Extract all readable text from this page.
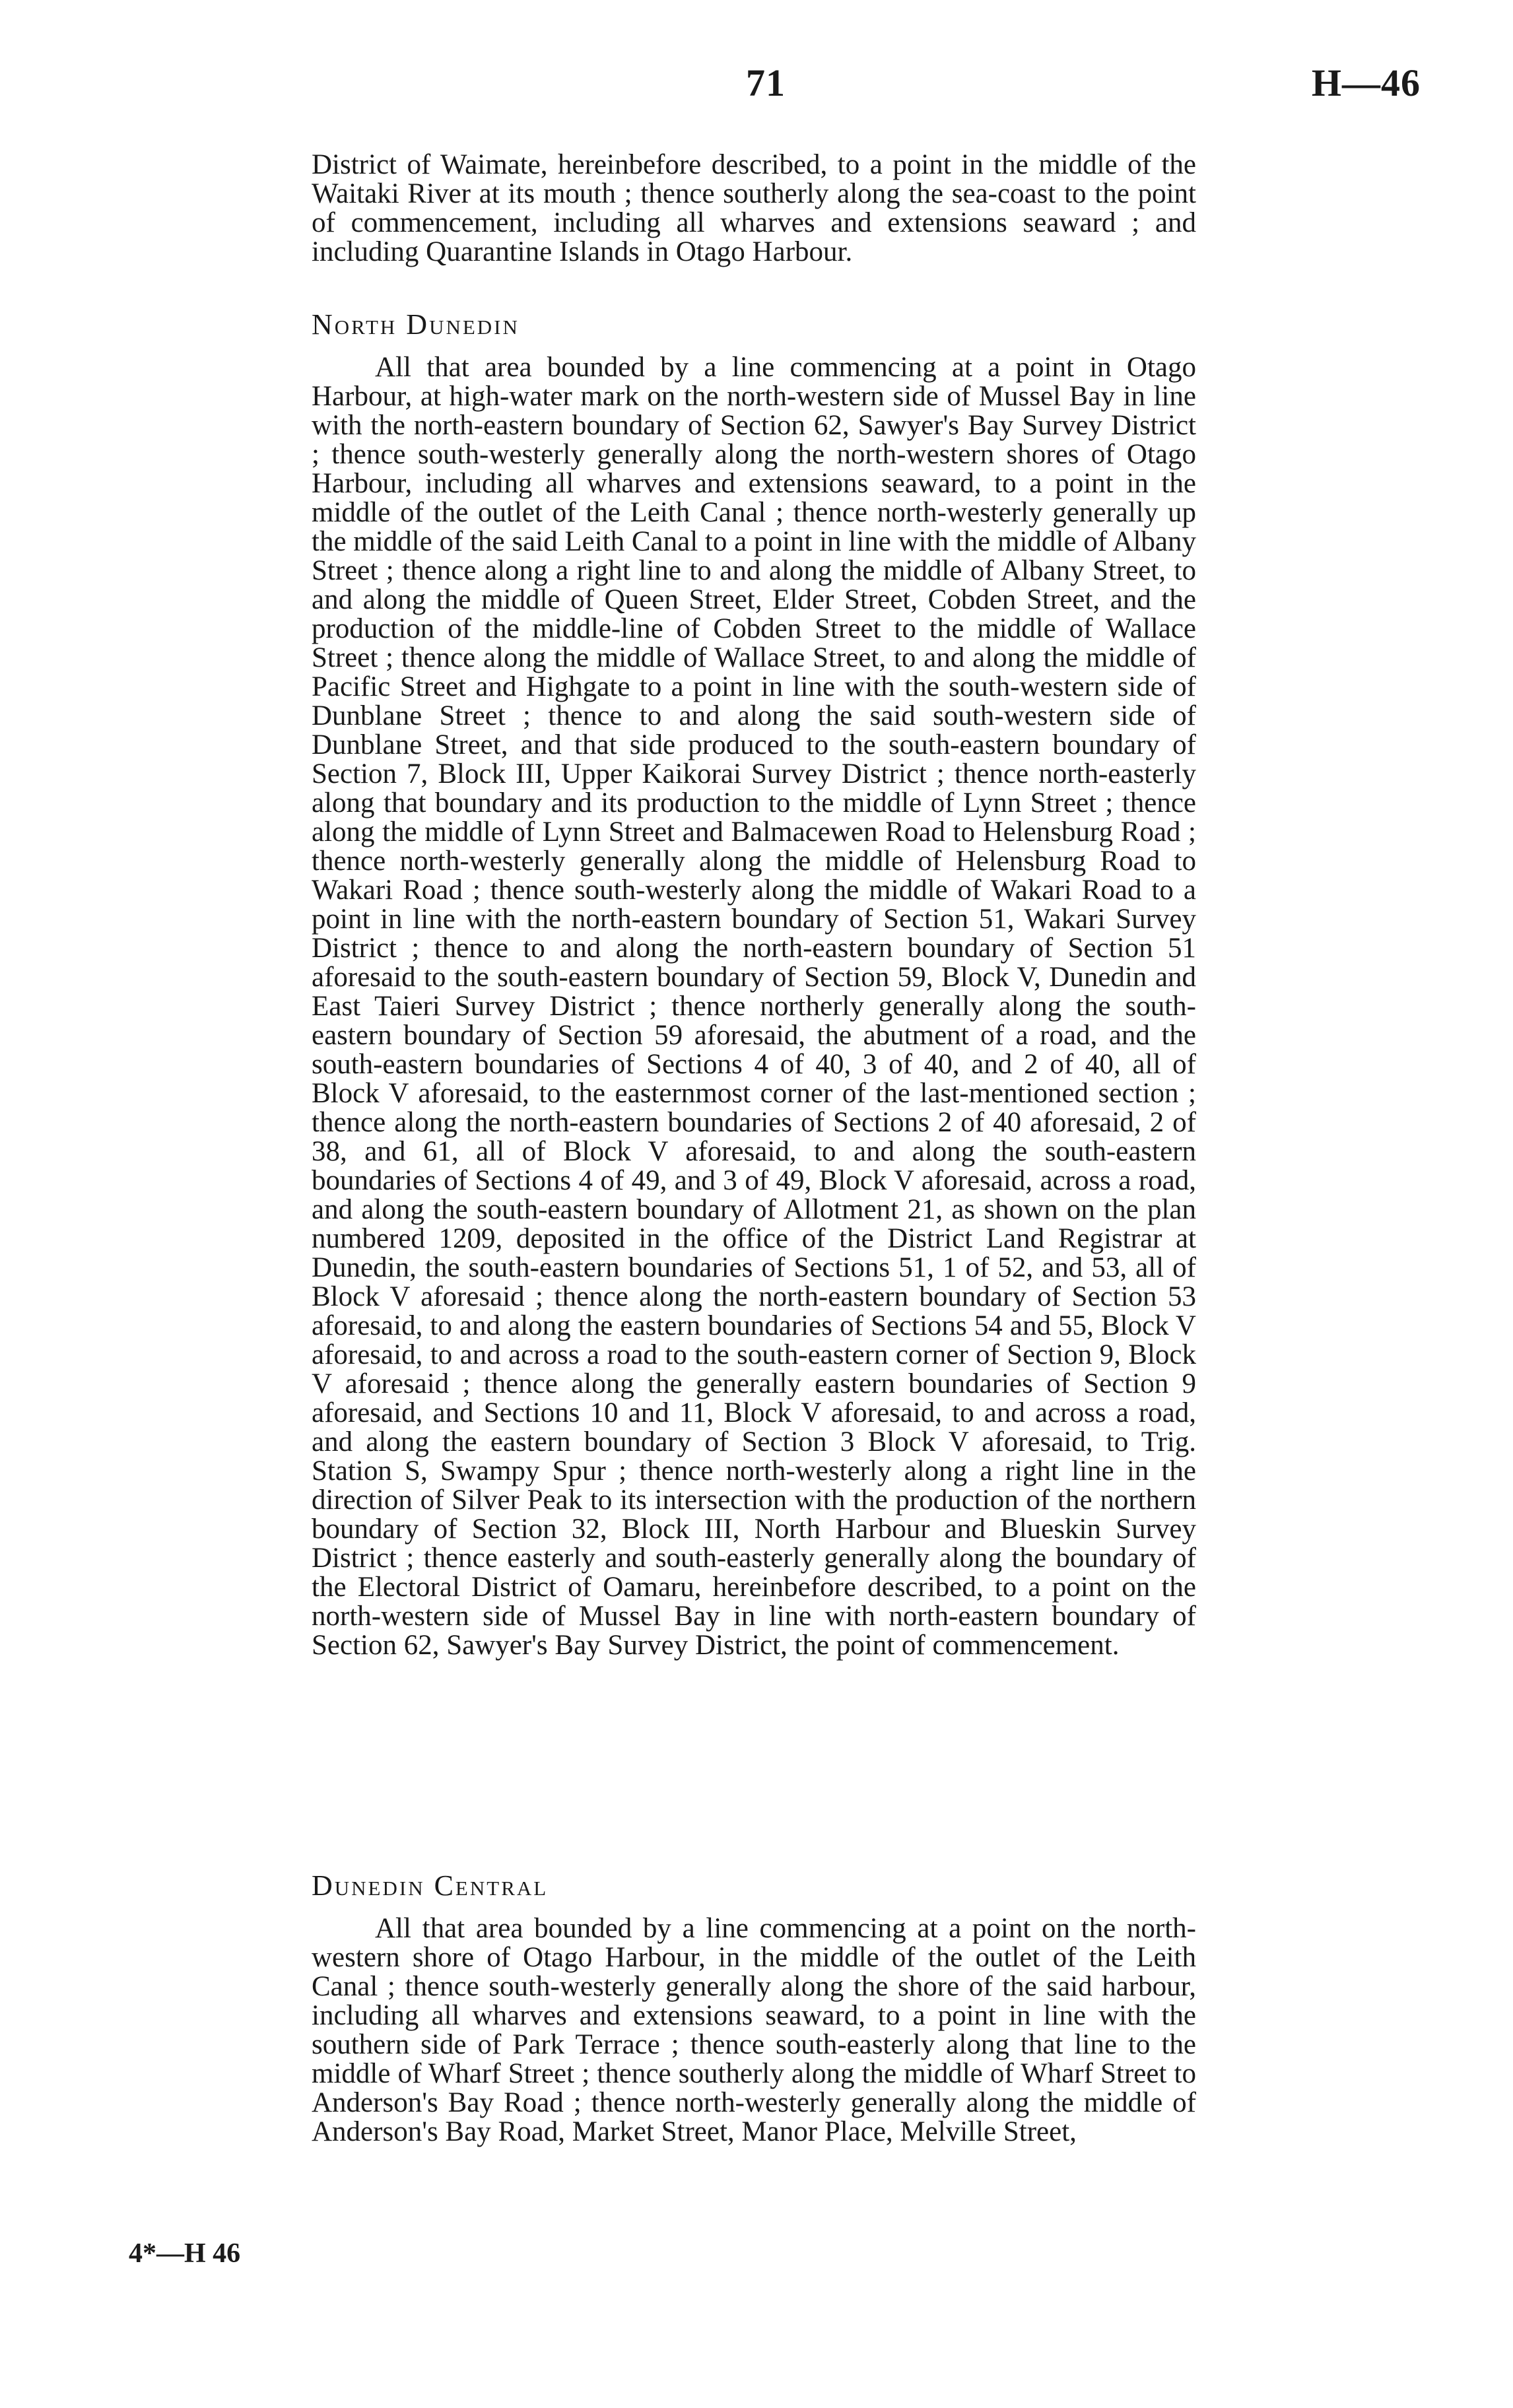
71	H—46

District of Waimate, hereinbefore described, to a point in the middle of the Waitaki River at its mouth ; thence southerly along the sea-coast to the point of commencement, including all wharves and extensions seaward ; and including Quarantine Islands in Otago Harbour.

North Dunedin

All that area bounded by a line commencing at a point in Otago Harbour, at high-water mark on the north-western side of Mussel Bay in line with the north-eastern boundary of Section 62, Sawyer's Bay Survey District ; thence south-westerly generally along the north-western shores of Otago Harbour, including all wharves and extensions seaward, to a point in the middle of the outlet of the Leith Canal ; thence north-westerly generally up the middle of the said Leith Canal to a point in line with the middle of Albany Street ; thence along a right line to and along the middle of Albany Street, to and along the middle of Queen Street, Elder Street, Cobden Street, and the production of the middle-line of Cobden Street to the middle of Wallace Street ; thence along the middle of Wallace Street, to and along the middle of Pacific Street and Highgate to a point in line with the south-western side of Dunblane Street ; thence to and along the said south-western side of Dunblane Street, and that side produced to the south-eastern boundary of Section 7, Block III, Upper Kaikorai Survey District ; thence north-easterly along that boundary and its production to the middle of Lynn Street ; thence along the middle of Lynn Street and Balmacewen Road to Helensburg Road ; thence north-westerly generally along the middle of Helensburg Road to Wakari Road ; thence south-westerly along the middle of Wakari Road to a point in line with the north-eastern boundary of Section 51, Wakari Survey District ; thence to and along the north-eastern boundary of Section 51 aforesaid to the south-eastern boundary of Section 59, Block V, Dunedin and East Taieri Survey District ; thence northerly generally along the south-eastern boundary of Section 59 aforesaid, the abutment of a road, and the south-eastern boundaries of Sections 4 of 40, 3 of 40, and 2 of 40, all of Block V aforesaid, to the easternmost corner of the last-mentioned section ; thence along the north-eastern boundaries of Sections 2 of 40 aforesaid, 2 of 38, and 61, all of Block V aforesaid, to and along the south-eastern boundaries of Sections 4 of 49, and 3 of 49, Block V aforesaid, across a road, and along the south-eastern boundary of Allotment 21, as shown on the plan numbered 1209, deposited in the office of the District Land Registrar at Dunedin, the south-eastern boundaries of Sections 51, 1 of 52, and 53, all of Block V aforesaid ; thence along the north-eastern boundary of Section 53 aforesaid, to and along the eastern boundaries of Sections 54 and 55, Block V aforesaid, to and across a road to the south-eastern corner of Section 9, Block V aforesaid ; thence along the generally eastern boundaries of Section 9 aforesaid, and Sections 10 and 11, Block V aforesaid, to and across a road, and along the eastern boundary of Section 3 Block V aforesaid, to Trig. Station S, Swampy Spur ; thence north-westerly along a right line in the direction of Silver Peak to its intersection with the production of the northern boundary of Section 32, Block III, North Harbour and Blueskin Survey District ; thence easterly and south-easterly generally along the boundary of the Electoral District of Oamaru, hereinbefore described, to a point on the north-western side of Mussel Bay in line with north-eastern boundary of Section 62, Sawyer's Bay Survey District, the point of commencement.

Dunedin Central

All that area bounded by a line commencing at a point on the north-western shore of Otago Harbour, in the middle of the outlet of the Leith Canal ; thence south-westerly generally along the shore of the said harbour, including all wharves and extensions seaward, to a point in line with the southern side of Park Terrace ; thence south-easterly along that line to the middle of Wharf Street ; thence southerly along the middle of Wharf Street to Anderson's Bay Road ; thence north-westerly generally along the middle of Anderson's Bay Road, Market Street, Manor Place, Melville Street,

4*—H 46
